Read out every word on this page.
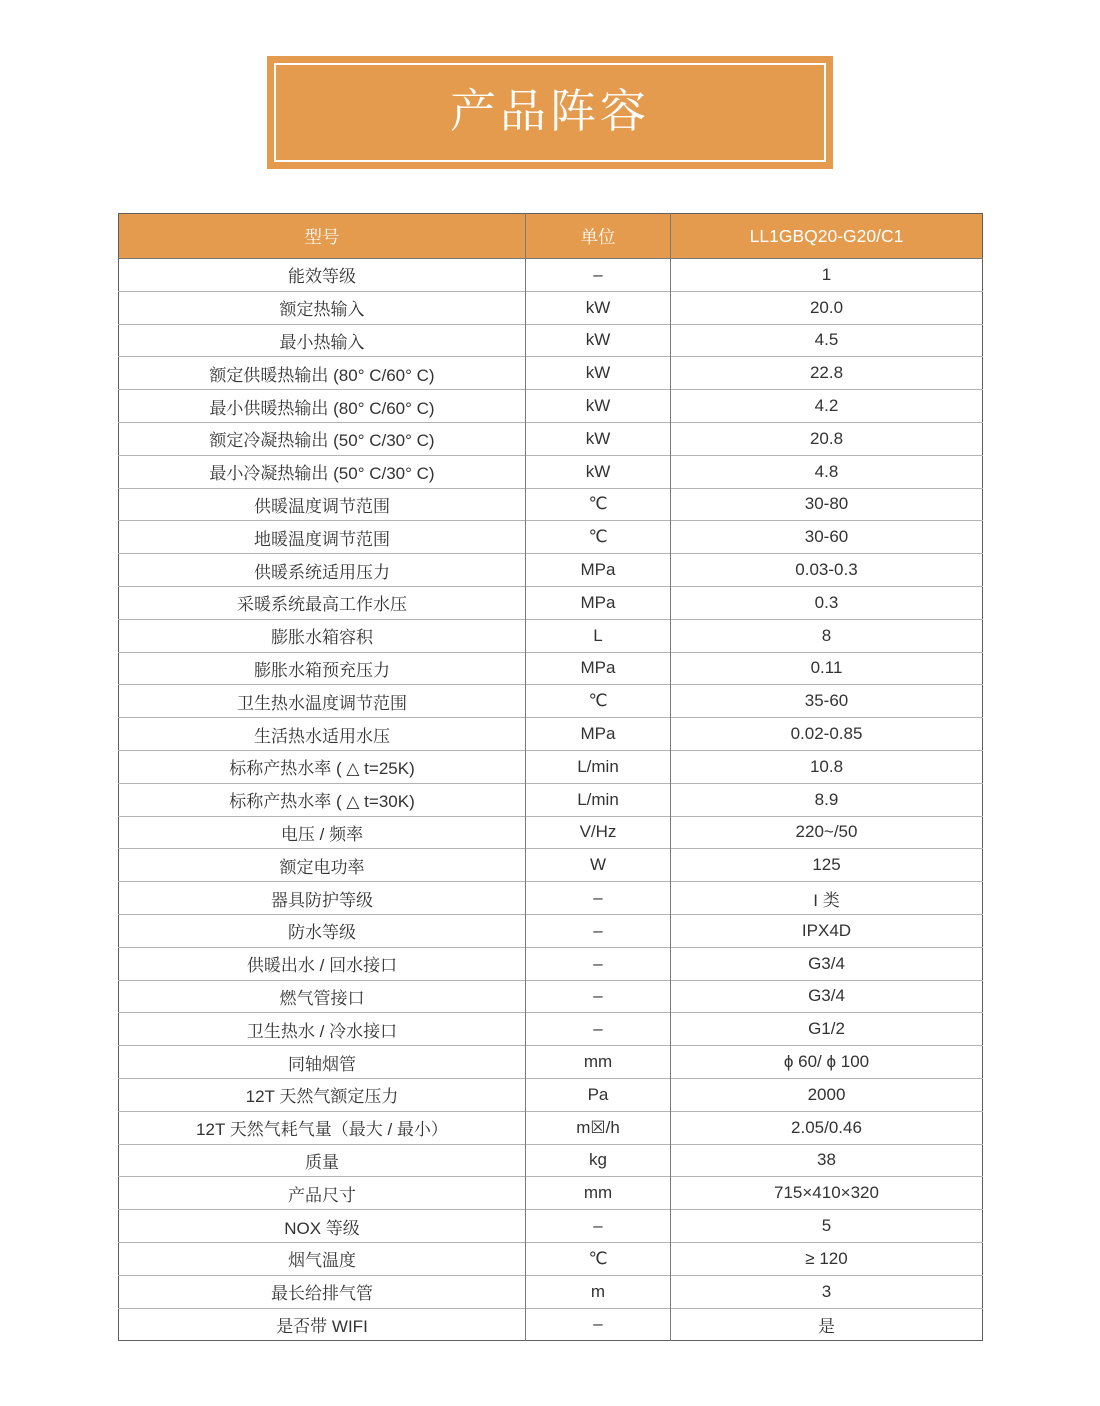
产品阵容
型号	单位	LL1GBQ20-G20/C1
能效等级	–	1
额定热输入	kW	20.0
最小热输入	kW	4.5
额定供暖热输出 (80° C/60° C)	kW	22.8
最小供暖热输出 (80° C/60° C)	kW	4.2
额定冷凝热输出 (50° C/30° C)	kW	20.8
最小冷凝热输出 (50° C/30° C)	kW	4.8
供暖温度调节范围	℃	30-80
地暖温度调节范围	℃	30-60
供暖系统适用压力	MPa	0.03-0.3
采暖系统最高工作水压	MPa	0.3
膨胀水箱容积	L	8
膨胀水箱预充压力	MPa	0.11
卫生热水温度调节范围	℃	35-60
生活热水适用水压	MPa	0.02-0.85
标称产热水率 ( △ t=25K)	L/min	10.8
标称产热水率 ( △ t=30K)	L/min	8.9
电压 / 频率	V/Hz	220~/50
额定电功率	W	125
器具防护等级	–	I 类
防水等级	–	IPX4D
供暖出水 / 回水接口	–	G3/4
燃气管接口	–	G3/4
卫生热水 / 冷水接口	–	G1/2
同轴烟管	mm	ϕ 60/ ϕ 100
12T 天然气额定压力	Pa	2000
12T 天然气耗气量（最大 / 最小）	m☒/h	2.05/0.46
质量	kg	38
产品尺寸	mm	715×410×320
NOX 等级	–	5
烟气温度	℃	≥ 120
最长给排气管	m	3
是否带 WIFI	–	是
